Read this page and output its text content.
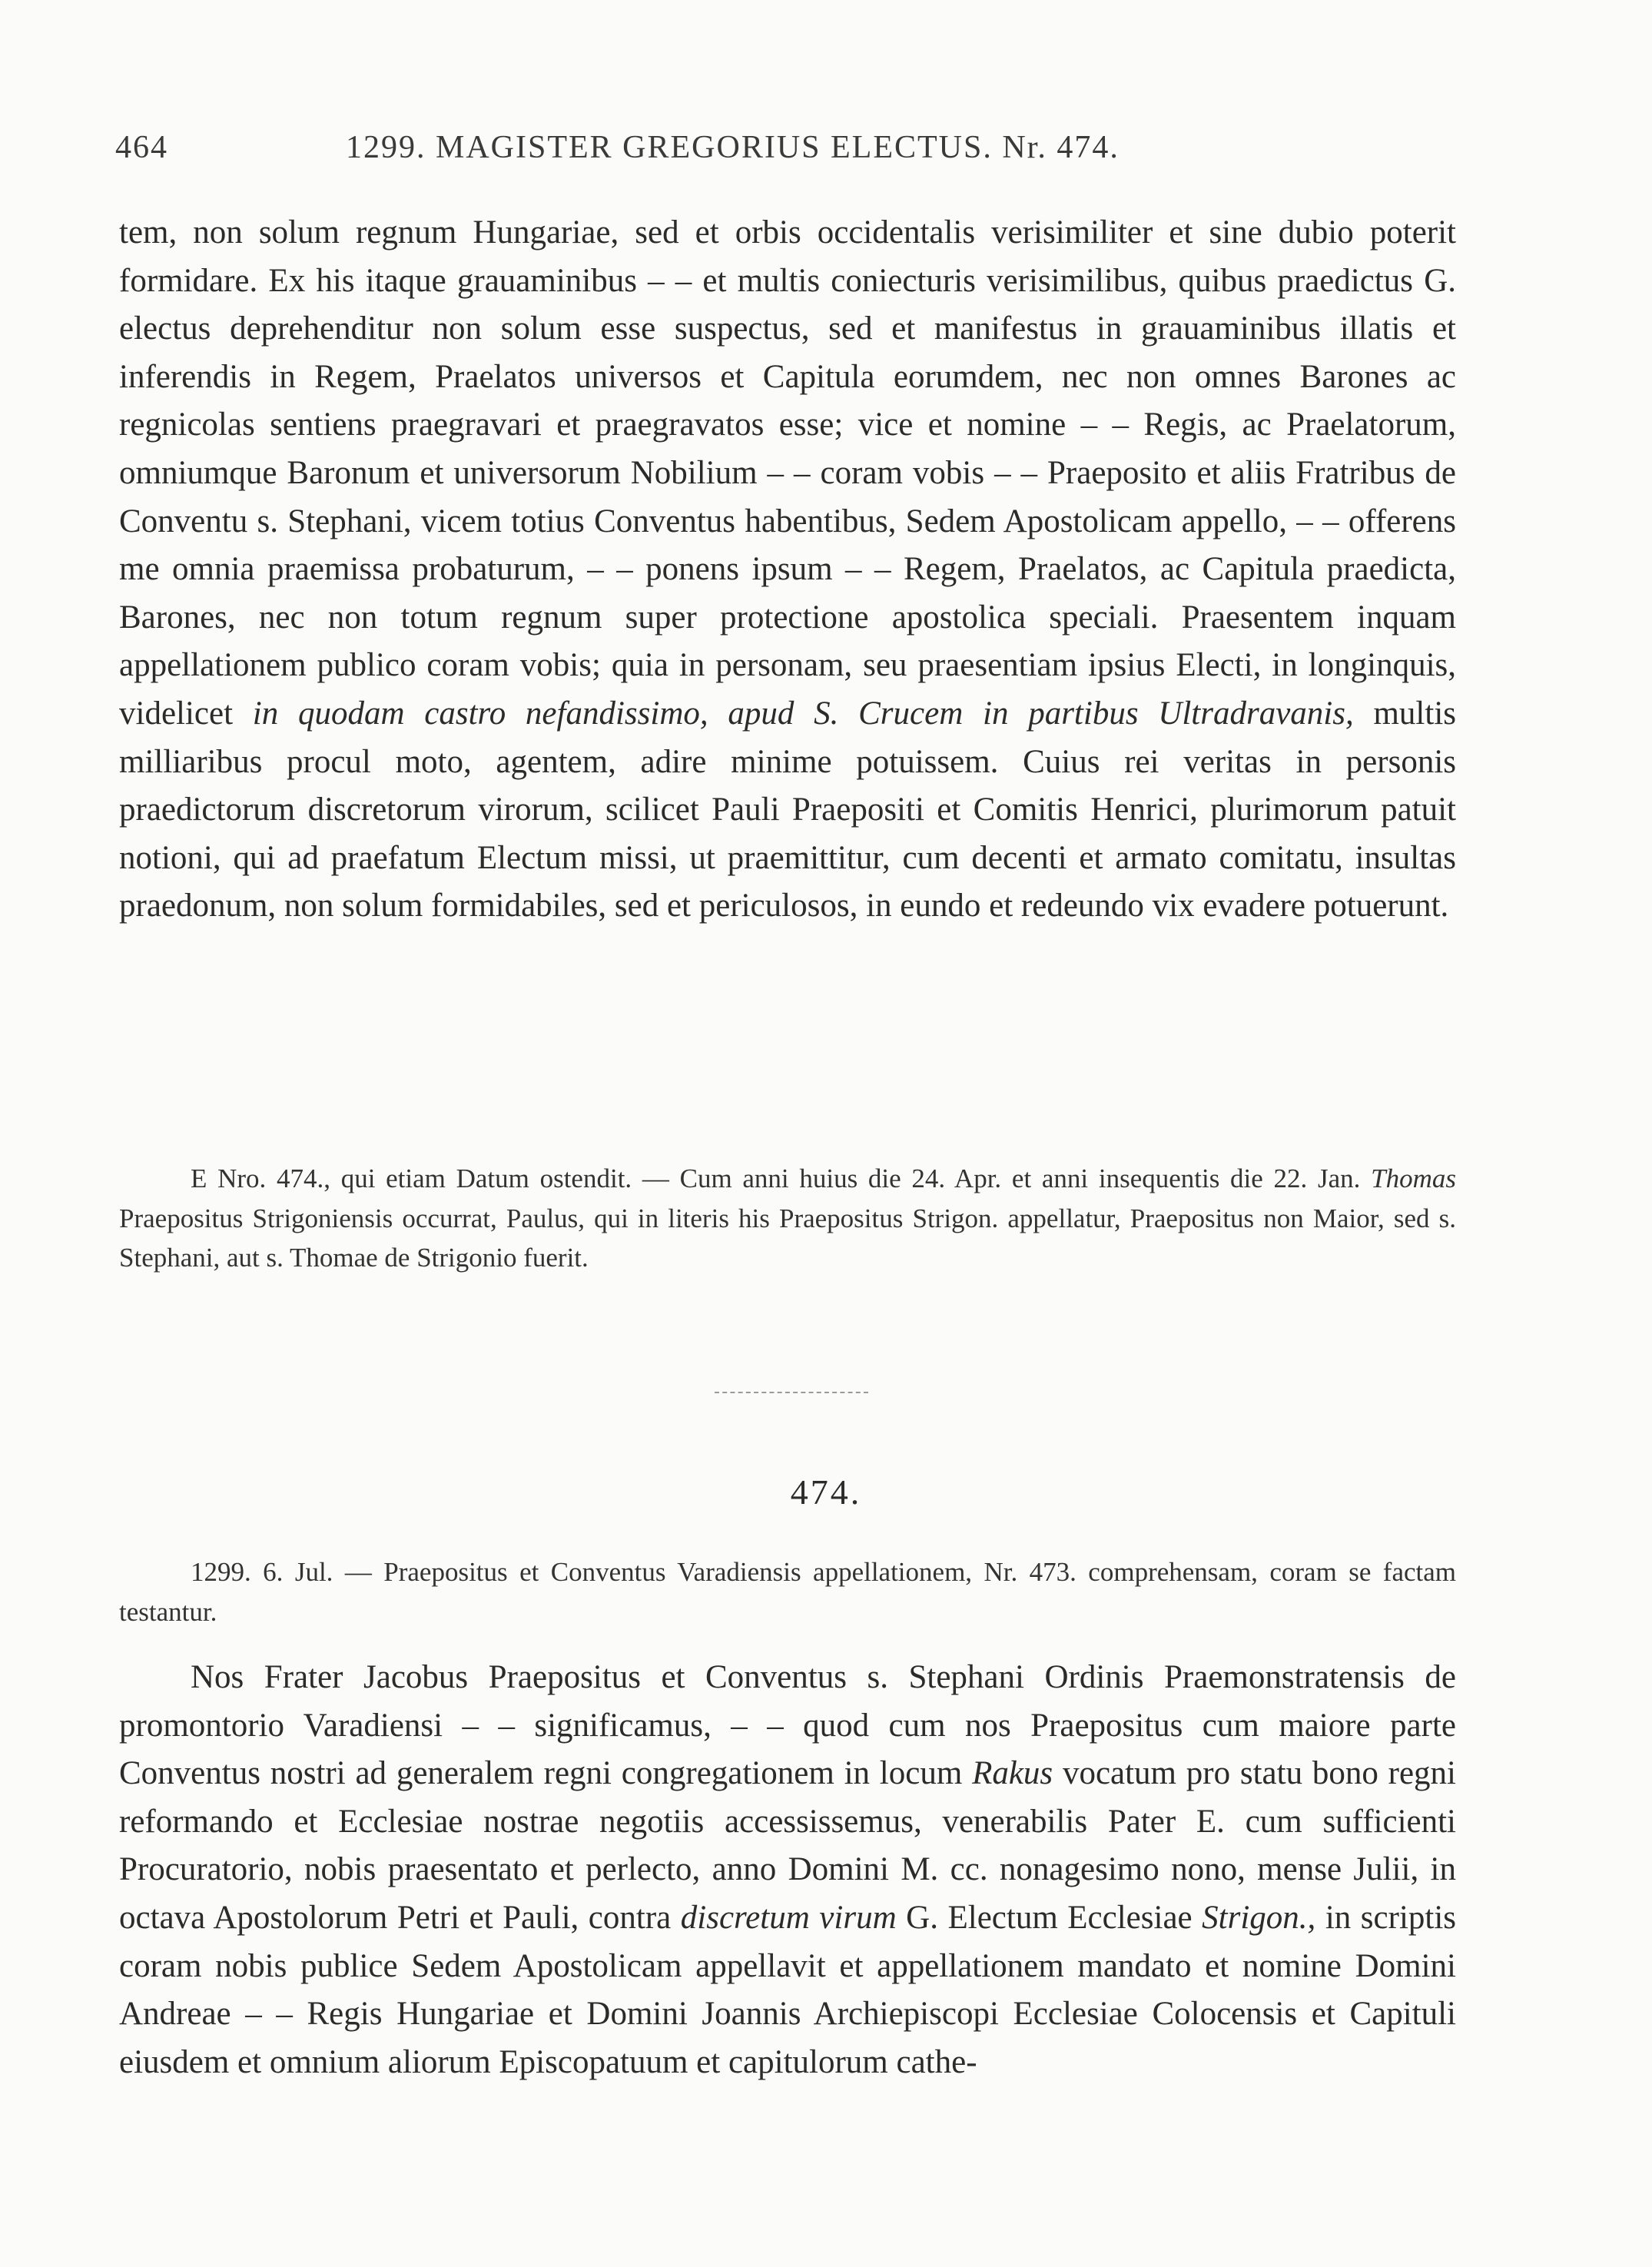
464	1299. MAGISTER GREGORIUS ELECTUS. Nr. 474.

tem, non solum regnum Hungariae, sed et orbis occidentalis verisimiliter et sine dubio poterit formidare. Ex his itaque grauaminibus – – et multis coniecturis verisimilibus, quibus praedictus G. electus deprehenditur non solum esse suspectus, sed et manifestus in grauaminibus illatis et inferendis in Regem, Praelatos universos et Capitula eorumdem, nec non omnes Barones ac regnicolas sentiens praegravari et praegravatos esse; vice et nomine – – Regis, ac Praelatorum, omniumque Baronum et universorum Nobilium – – coram vobis – – Praeposito et aliis Fratribus de Conventu s. Stephani, vicem totius Conventus habentibus, Sedem Apostolicam appello, – – offerens me omnia praemissa probaturum, – – ponens ipsum – – Regem, Praelatos, ac Capitula praedicta, Barones, nec non totum regnum super protectione apostolica speciali. Praesentem inquam appellationem publico coram vobis; quia in personam, seu praesentiam ipsius Electi, in longinquis, videlicet in quodam castro nefandissimo, apud S. Crucem in partibus Ultradravanis, multis milliaribus procul moto, agentem, adire minime potuissem. Cuius rei veritas in personis praedictorum discretorum virorum, scilicet Pauli Praepositi et Comitis Henrici, plurimorum patuit notioni, qui ad praefatum Electum missi, ut praemittitur, cum decenti et armato comitatu, insultas praedonum, non solum formidabiles, sed et periculosos, in eundo et redeundo vix evadere potuerunt.

E Nro. 474., qui etiam Datum ostendit. — Cum anni huius die 24. Apr. et anni insequentis die 22. Jan. Thomas Praepositus Strigoniensis occurrat, Paulus, qui in literis his Praepositus Strigon. appellatur, Praepositus non Maior, sed s. Stephani, aut s. Thomae de Strigonio fuerit.

474.

1299. 6. Jul. — Praepositus et Conventus Varadiensis appellationem, Nr. 473. comprehensam, coram se factam testantur.

Nos Frater Jacobus Praepositus et Conventus s. Stephani Ordinis Praemonstratensis de promontorio Varadiensi – – significamus, – – quod cum nos Praepositus cum maiore parte Conventus nostri ad generalem regni congregationem in locum Rakus vocatum pro statu bono regni reformando et Ecclesiae nostrae negotiis accessissemus, venerabilis Pater E. cum sufficienti Procuratorio, nobis praesentato et perlecto, anno Domini M. cc. nonagesimo nono, mense Julii, in octava Apostolorum Petri et Pauli, contra discretum virum G. Electum Ecclesiae Strigon., in scriptis coram nobis publice Sedem Apostolicam appellavit et appellationem mandato et nomine Domini Andreae – – Regis Hungariae et Domini Joannis Archiepiscopi Ecclesiae Colocensis et Capituli eiusdem et omnium aliorum Episcopatuum et capitulorum cathe-
